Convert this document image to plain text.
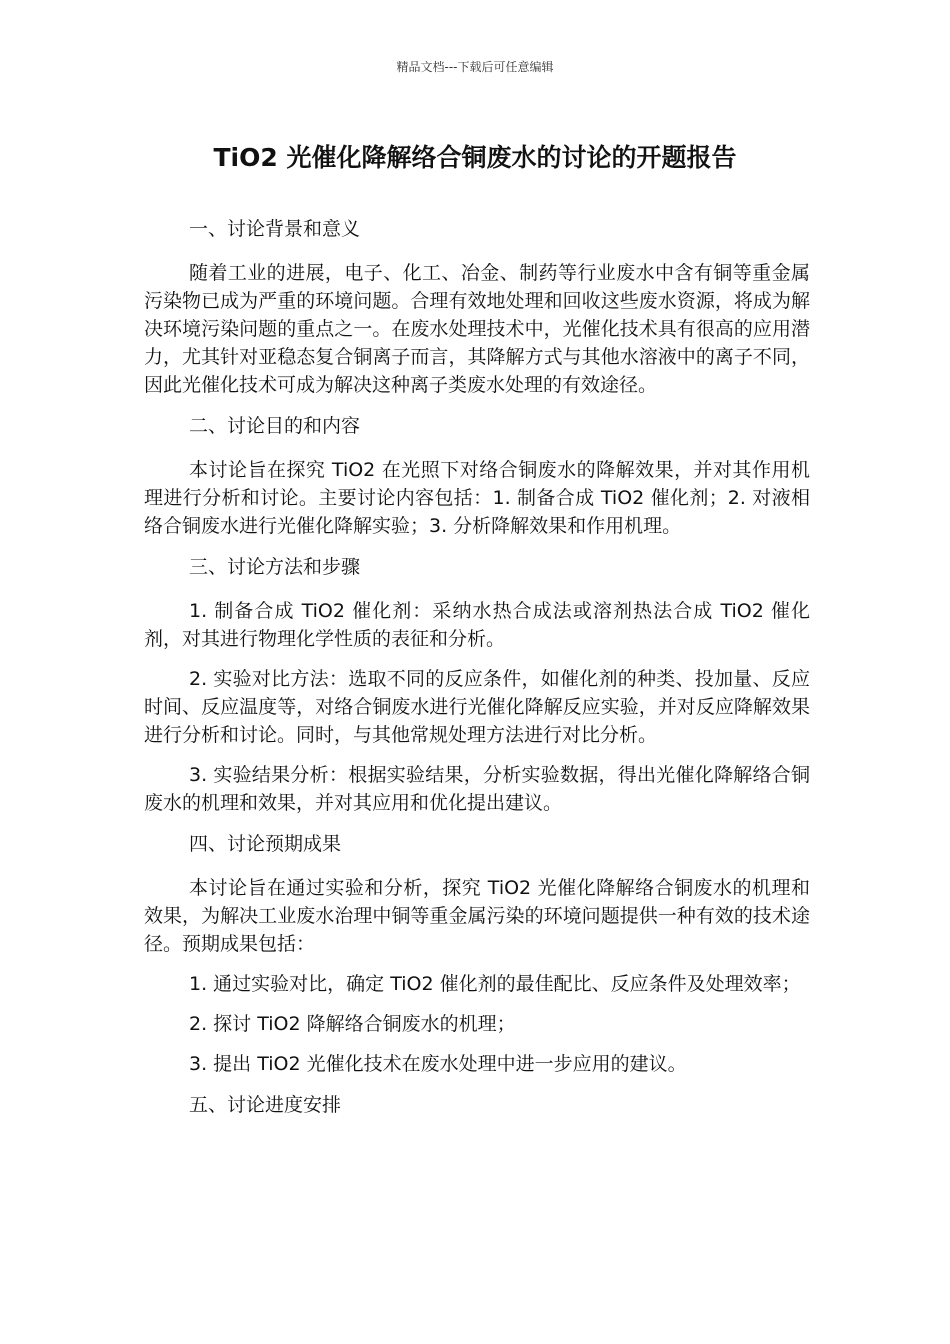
精品文档---下载后可任意编辑
TiO2 光催化降解络合铜废水的讨论的开题报告

一、讨论背景和意义

随着工业的进展，电子、化工、冶金、制药等行业废水中含有铜等重金属污染物已成为严重的环境问题。合理有效地处理和回收这些废水资源，将成为解决环境污染问题的重点之一。在废水处理技术中，光催化技术具有很高的应用潜力，尤其针对亚稳态复合铜离子而言，其降解方式与其他水溶液中的离子不同，因此光催化技术可成为解决这种离子类废水处理的有效途径。

二、讨论目的和内容

本讨论旨在探究 TiO2 在光照下对络合铜废水的降解效果，并对其作用机理进行分析和讨论。主要讨论内容包括：1. 制备合成 TiO2 催化剂；2. 对液相络合铜废水进行光催化降解实验；3. 分析降解效果和作用机理。

三、讨论方法和步骤

1. 制备合成 TiO2 催化剂：采纳水热合成法或溶剂热法合成 TiO2 催化剂，对其进行物理化学性质的表征和分析。

2. 实验对比方法：选取不同的反应条件，如催化剂的种类、投加量、反应时间、反应温度等，对络合铜废水进行光催化降解反应实验，并对反应降解效果进行分析和讨论。同时，与其他常规处理方法进行对比分析。

3. 实验结果分析：根据实验结果，分析实验数据，得出光催化降解络合铜废水的机理和效果，并对其应用和优化提出建议。

四、讨论预期成果

本讨论旨在通过实验和分析，探究 TiO2 光催化降解络合铜废水的机理和效果，为解决工业废水治理中铜等重金属污染的环境问题提供一种有效的技术途径。预期成果包括：

1. 通过实验对比，确定 TiO2 催化剂的最佳配比、反应条件及处理效率；

2. 探讨 TiO2 降解络合铜废水的机理；

3. 提出 TiO2 光催化技术在废水处理中进一步应用的建议。

五、讨论进度安排
